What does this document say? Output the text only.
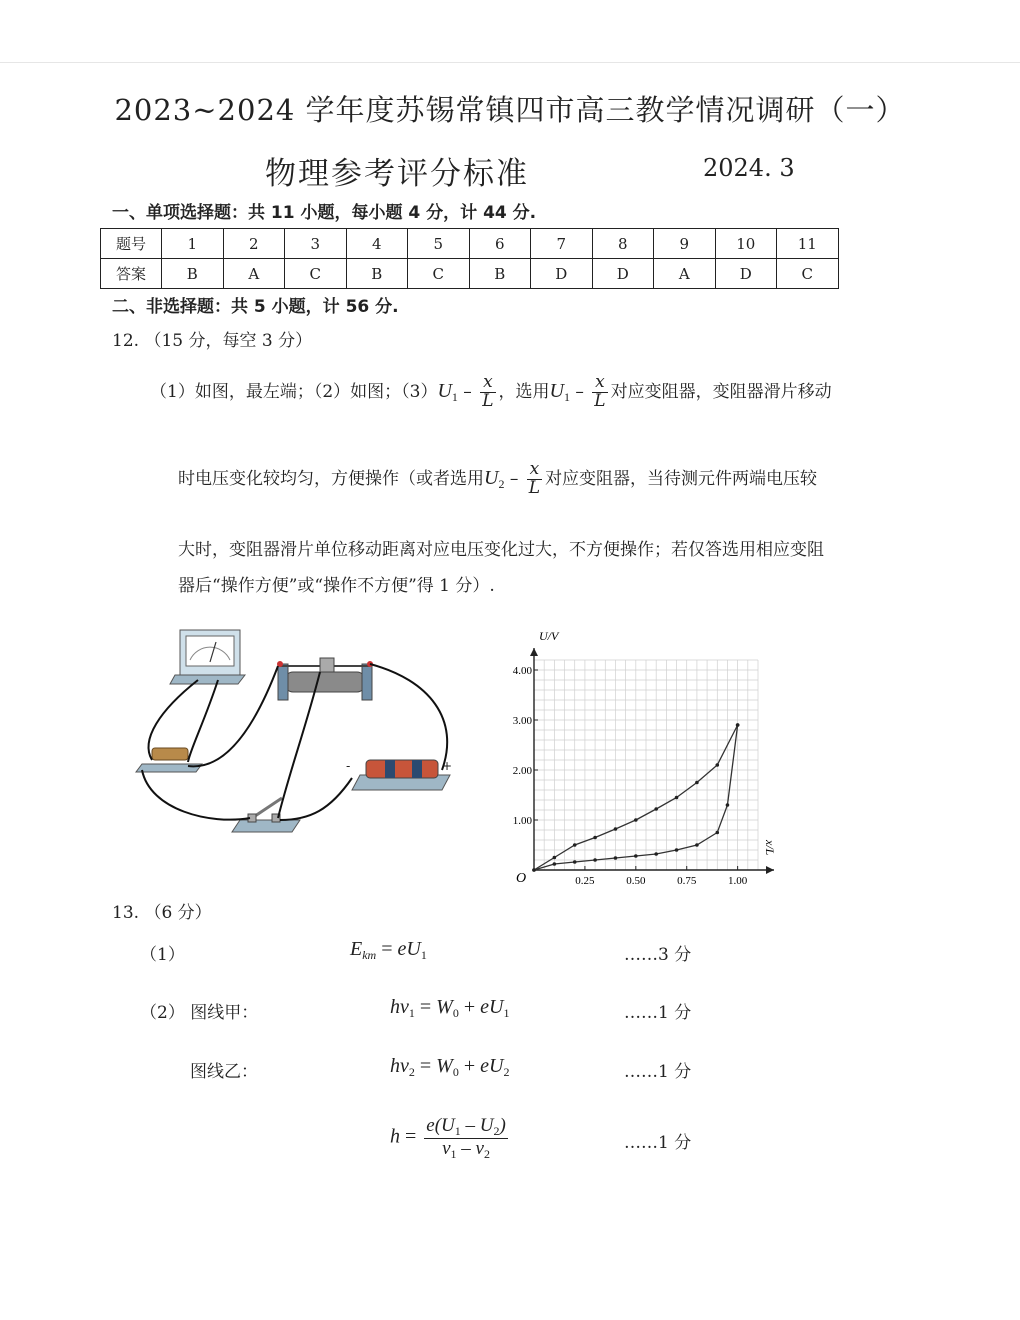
2023~2024 学年度苏锡常镇四市高三教学情况调研（一）
物理参考评分标准	2024. 3
一、单项选择题：共 11 小题，每小题 4 分，计 44 分.
题号	1	2	3	4	5	6	7	8	9	10	11
答案	B	A	C	B	C	B	D	D	A	D	C
二、非选择题：共 5 小题，计 56 分.
12. （15 分，每空 3 分）
（1）如图，最左端；（2）如图；$(3)U_1 - \frac{x}{L}$ ，选用$U_1 - \frac{x}{L}$ 对应变阻器，变阻器滑片移动
时电压变化较均匀，方便操作（或者选用$U_2 - \frac{x}{L}$ 对应变阻器，当待测元件两端电压较
大时，变阻器滑片单位移动距离对应电压变化过大，不方便操作；若仅答选用相应变阻
器后“操作方便”或“操作不方便”得 1 分）.
-	+
0.25	0.50	0.75	1.00
1.00
2.00
3.00
4.00
U/V
x/L
O
13. （6 分）
（1）	$E_{km} = eU_1$	……3 分
（2） 图线甲：	$h\nu_1 = W_0 + eU_1$	……1 分
图线乙：	$h\nu_2 = W_0 + eU_2$	……1 分
$h = \frac{e(U_1 - U_2)}{\nu_1 - \nu_2}$	……1 分
